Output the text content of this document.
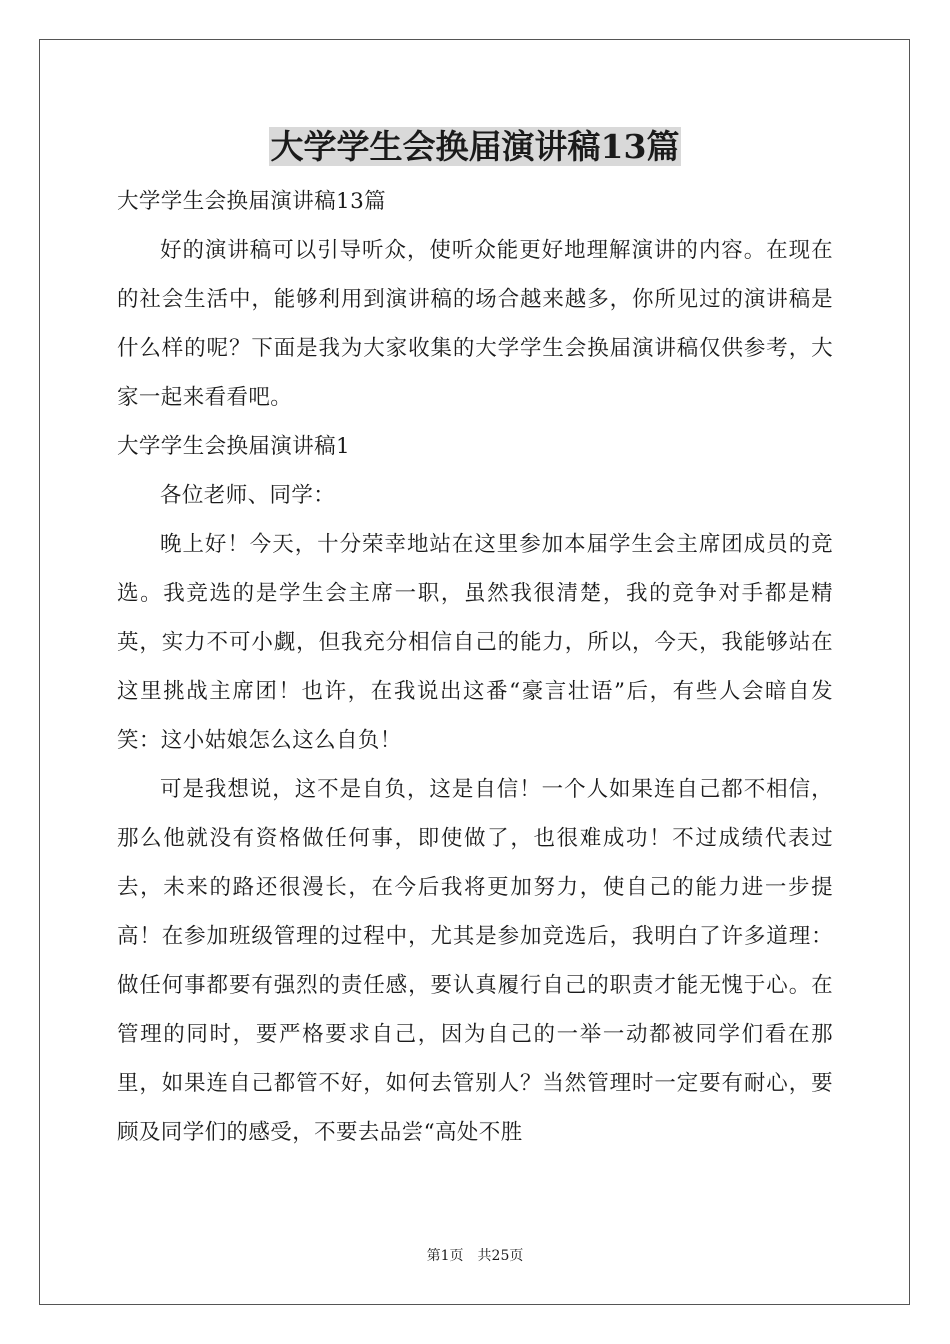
大学学生会换届演讲稿13篇

大学学生会换届演讲稿13篇

好的演讲稿可以引导听众，使听众能更好地理解演讲的内容。在现在的社会生活中，能够利用到演讲稿的场合越来越多，你所见过的演讲稿是什么样的呢？下面是我为大家收集的大学学生会换届演讲稿仅供参考，大家一起来看看吧。

大学学生会换届演讲稿1

各位老师、同学：

晚上好！今天，十分荣幸地站在这里参加本届学生会主席团成员的竞选。我竞选的是学生会主席一职，虽然我很清楚，我的竞争对手都是精英，实力不可小觑，但我充分相信自己的能力，所以，今天，我能够站在这里挑战主席团！也许，在我说出这番“豪言壮语”后，有些人会暗自发笑：这小姑娘怎么这么自负！

可是我想说，这不是自负，这是自信！一个人如果连自己都不相信，那么他就没有资格做任何事，即使做了，也很难成功！不过成绩代表过去，未来的路还很漫长，在今后我将更加努力，使自己的能力进一步提高！在参加班级管理的过程中，尤其是参加竞选后，我明白了许多道理：做任何事都要有强烈的责任感，要认真履行自己的职责才能无愧于心。在管理的同时，要严格要求自己，因为自己的一举一动都被同学们看在那里，如果连自己都管不好，如何去管别人？当然管理时一定要有耐心，要顾及同学们的感受，不要去品尝“高处不胜

第1页 共25页
